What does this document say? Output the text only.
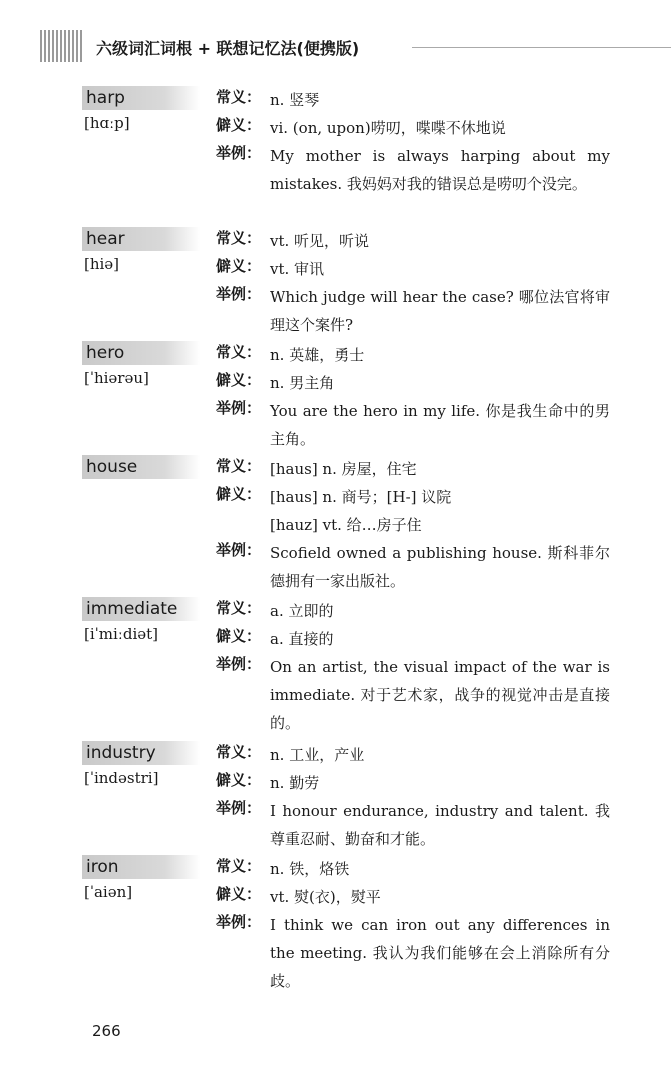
六级词汇词根 + 联想记忆法(便携版)
harp
[hɑːp]
常义： n. 竖琴
僻义： vi. (on, upon)唠叨，喋喋不休地说
举例： My mother is always harping about my mistakes. 我妈妈对我的错误总是唠叨个没完。
hear
[hiə]
常义： vt. 听见，听说
僻义： vt. 审讯
举例： Which judge will hear the case? 哪位法官将审理这个案件?
hero
[ˈhiərəu]
常义： n. 英雄，勇士
僻义： n. 男主角
举例： You are the hero in my life. 你是我生命中的男主角。
house	常义： [haus] n. 房屋，住宅
僻义： [haus] n. 商号；[H-] 议院
[hauz] vt. 给…房子住
举例： Scofield owned a publishing house. 斯科菲尔德拥有一家出版社。
immediate
[iˈmiːdiət]
常义： a. 立即的
僻义： a. 直接的
举例： On an artist, the visual impact of the war is immediate. 对于艺术家，战争的视觉冲击是直接的。
industry
[ˈindəstri]
常义： n. 工业，产业
僻义： n. 勤劳
举例： I honour endurance, industry and talent. 我尊重忍耐、勤奋和才能。
iron
[ˈaiən]
常义： n. 铁，烙铁
僻义： vt. 熨(衣)，熨平
举例： I think we can iron out any differences in the meeting. 我认为我们能够在会上消除所有分歧。
266
